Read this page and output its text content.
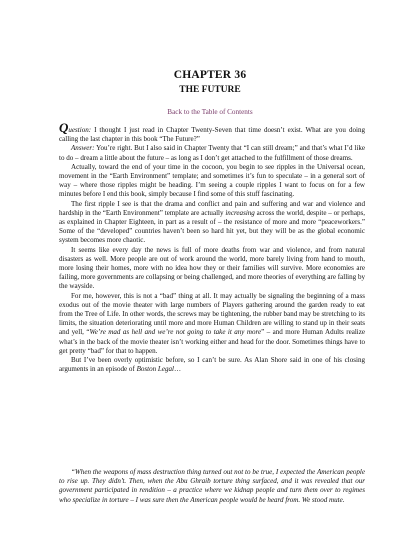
CHAPTER 36
THE FUTURE
Back to the Table of Contents

Question: I thought I just read in Chapter Twenty-Seven that time doesn’t exist. What are you doing calling the last chapter in this book “The Future?”

Answer: You’re right. But I also said in Chapter Twenty that “I can still dream;” and that’s what I’d like to do – dream a little about the future – as long as I don’t get attached to the fulfillment of those dreams.

Actually, toward the end of your time in the cocoon, you begin to see ripples in the Universal ocean, movement in the “Earth Environment” template; and sometimes it’s fun to speculate – in a general sort of way – where those ripples might be heading. I’m seeing a couple ripples I want to focus on for a few minutes before I end this book, simply because I find some of this stuff fascinating.

The first ripple I see is that the drama and conflict and pain and suffering and war and violence and hardship in the “Earth Environment” template are actually increasing across the world, despite – or perhaps, as explained in Chapter Eighteen, in part as a result of – the resistance of more and more “peaceworkers.” Some of the “developed” countries haven’t been so hard hit yet, but they will be as the global economic system becomes more chaotic.

It seems like every day the news is full of more deaths from war and violence, and from natural disasters as well. More people are out of work around the world, more barely living from hand to mouth, more losing their homes, more with no idea how they or their families will survive. More economies are failing, more governments are collapsing or being challenged, and more theories of everything are falling by the wayside.

For me, however, this is not a “bad” thing at all. It may actually be signaling the beginning of a mass exodus out of the movie theater with large numbers of Players gathering around the garden ready to eat from the Tree of Life. In other words, the screws may be tightening, the rubber band may be stretching to its limits, the situation deteriorating until more and more Human Children are willing to stand up in their seats and yell, “We’re mad as hell and we’re not going to take it any more” – and more Human Adults realize what’s in the back of the movie theater isn’t working either and head for the door. Sometimes things have to get pretty “bad” for that to happen.

But I’ve been overly optimistic before, so I can’t be sure. As Alan Shore said in one of his closing arguments in an episode of Boston Legal…

“When the weapons of mass destruction thing turned out not to be true, I expected the American people to rise up. They didn’t. Then, when the Abu Ghraib torture thing surfaced, and it was revealed that our government participated in rendition – a practice where we kidnap people and turn them over to regimes who specialize in torture – I was sure then the American people would be heard from. We stood mute.
